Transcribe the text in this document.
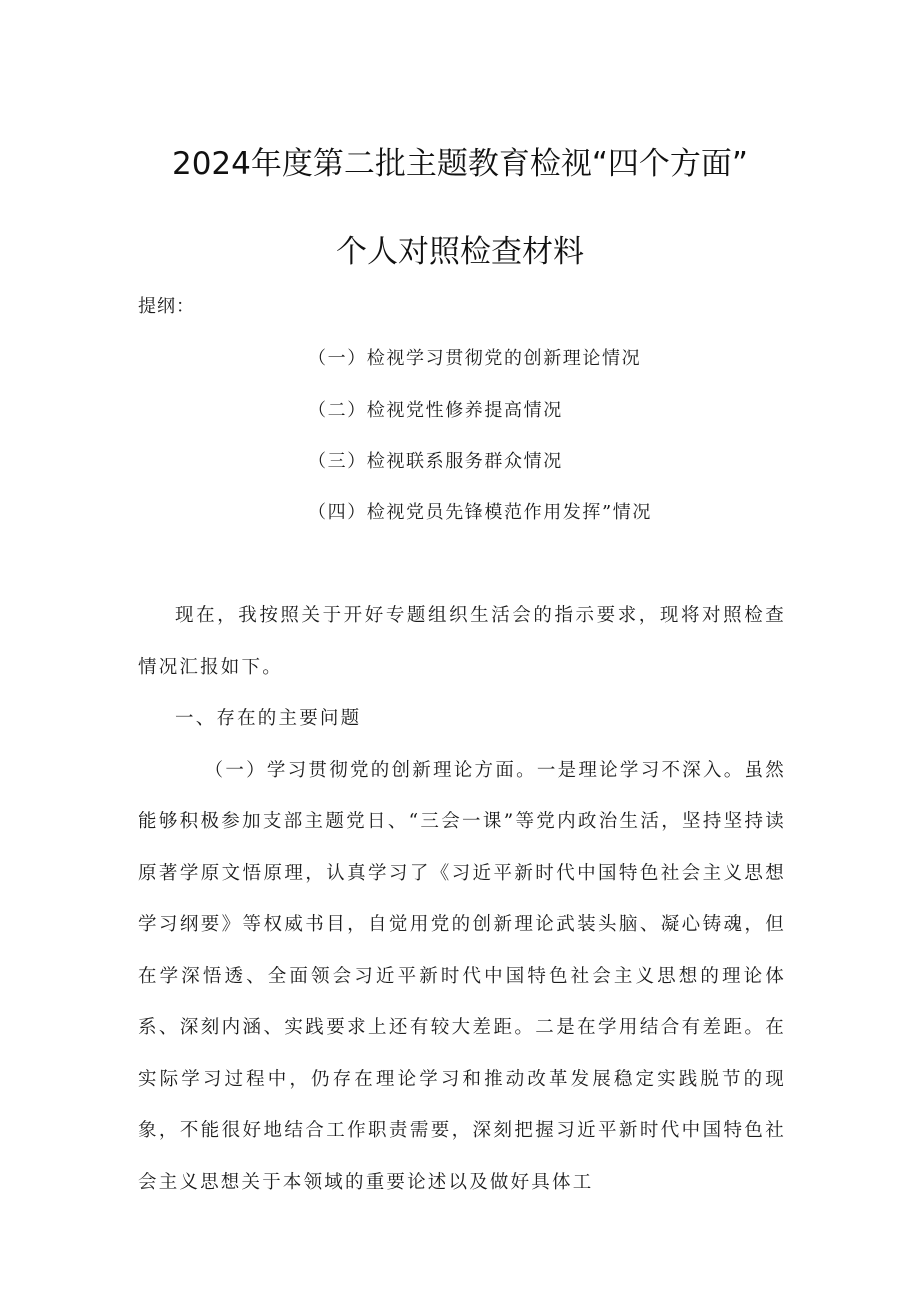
2024年度第二批主题教育检视“四个方面”
个人对照检查材料
提纲：
（一）检视学习贯彻党的创新理论情况
（二）检视党性修养提高情况
（三）检视联系服务群众情况
（四）检视党员先锋模范作用发挥”情况

现在，我按照关于开好专题组织生活会的指示要求，现将对照检查情况汇报如下。

一、存在的主要问题

（一）学习贯彻党的创新理论方面。一是理论学习不深入。虽然能够积极参加支部主题党日、“三会一课”等党内政治生活，坚持坚持读原著学原文悟原理，认真学习了《习近平新时代中国特色社会主义思想学习纲要》等权威书目，自觉用党的创新理论武装头脑、凝心铸魂，但在学深悟透、全面领会习近平新时代中国特色社会主义思想的理论体系、深刻内涵、实践要求上还有较大差距。二是在学用结合有差距。在实际学习过程中，仍存在理论学习和推动改革发展稳定实践脱节的现象，不能很好地结合工作职责需要，深刻把握习近平新时代中国特色社会主义思想关于本领域的重要论述以及做好具体工
